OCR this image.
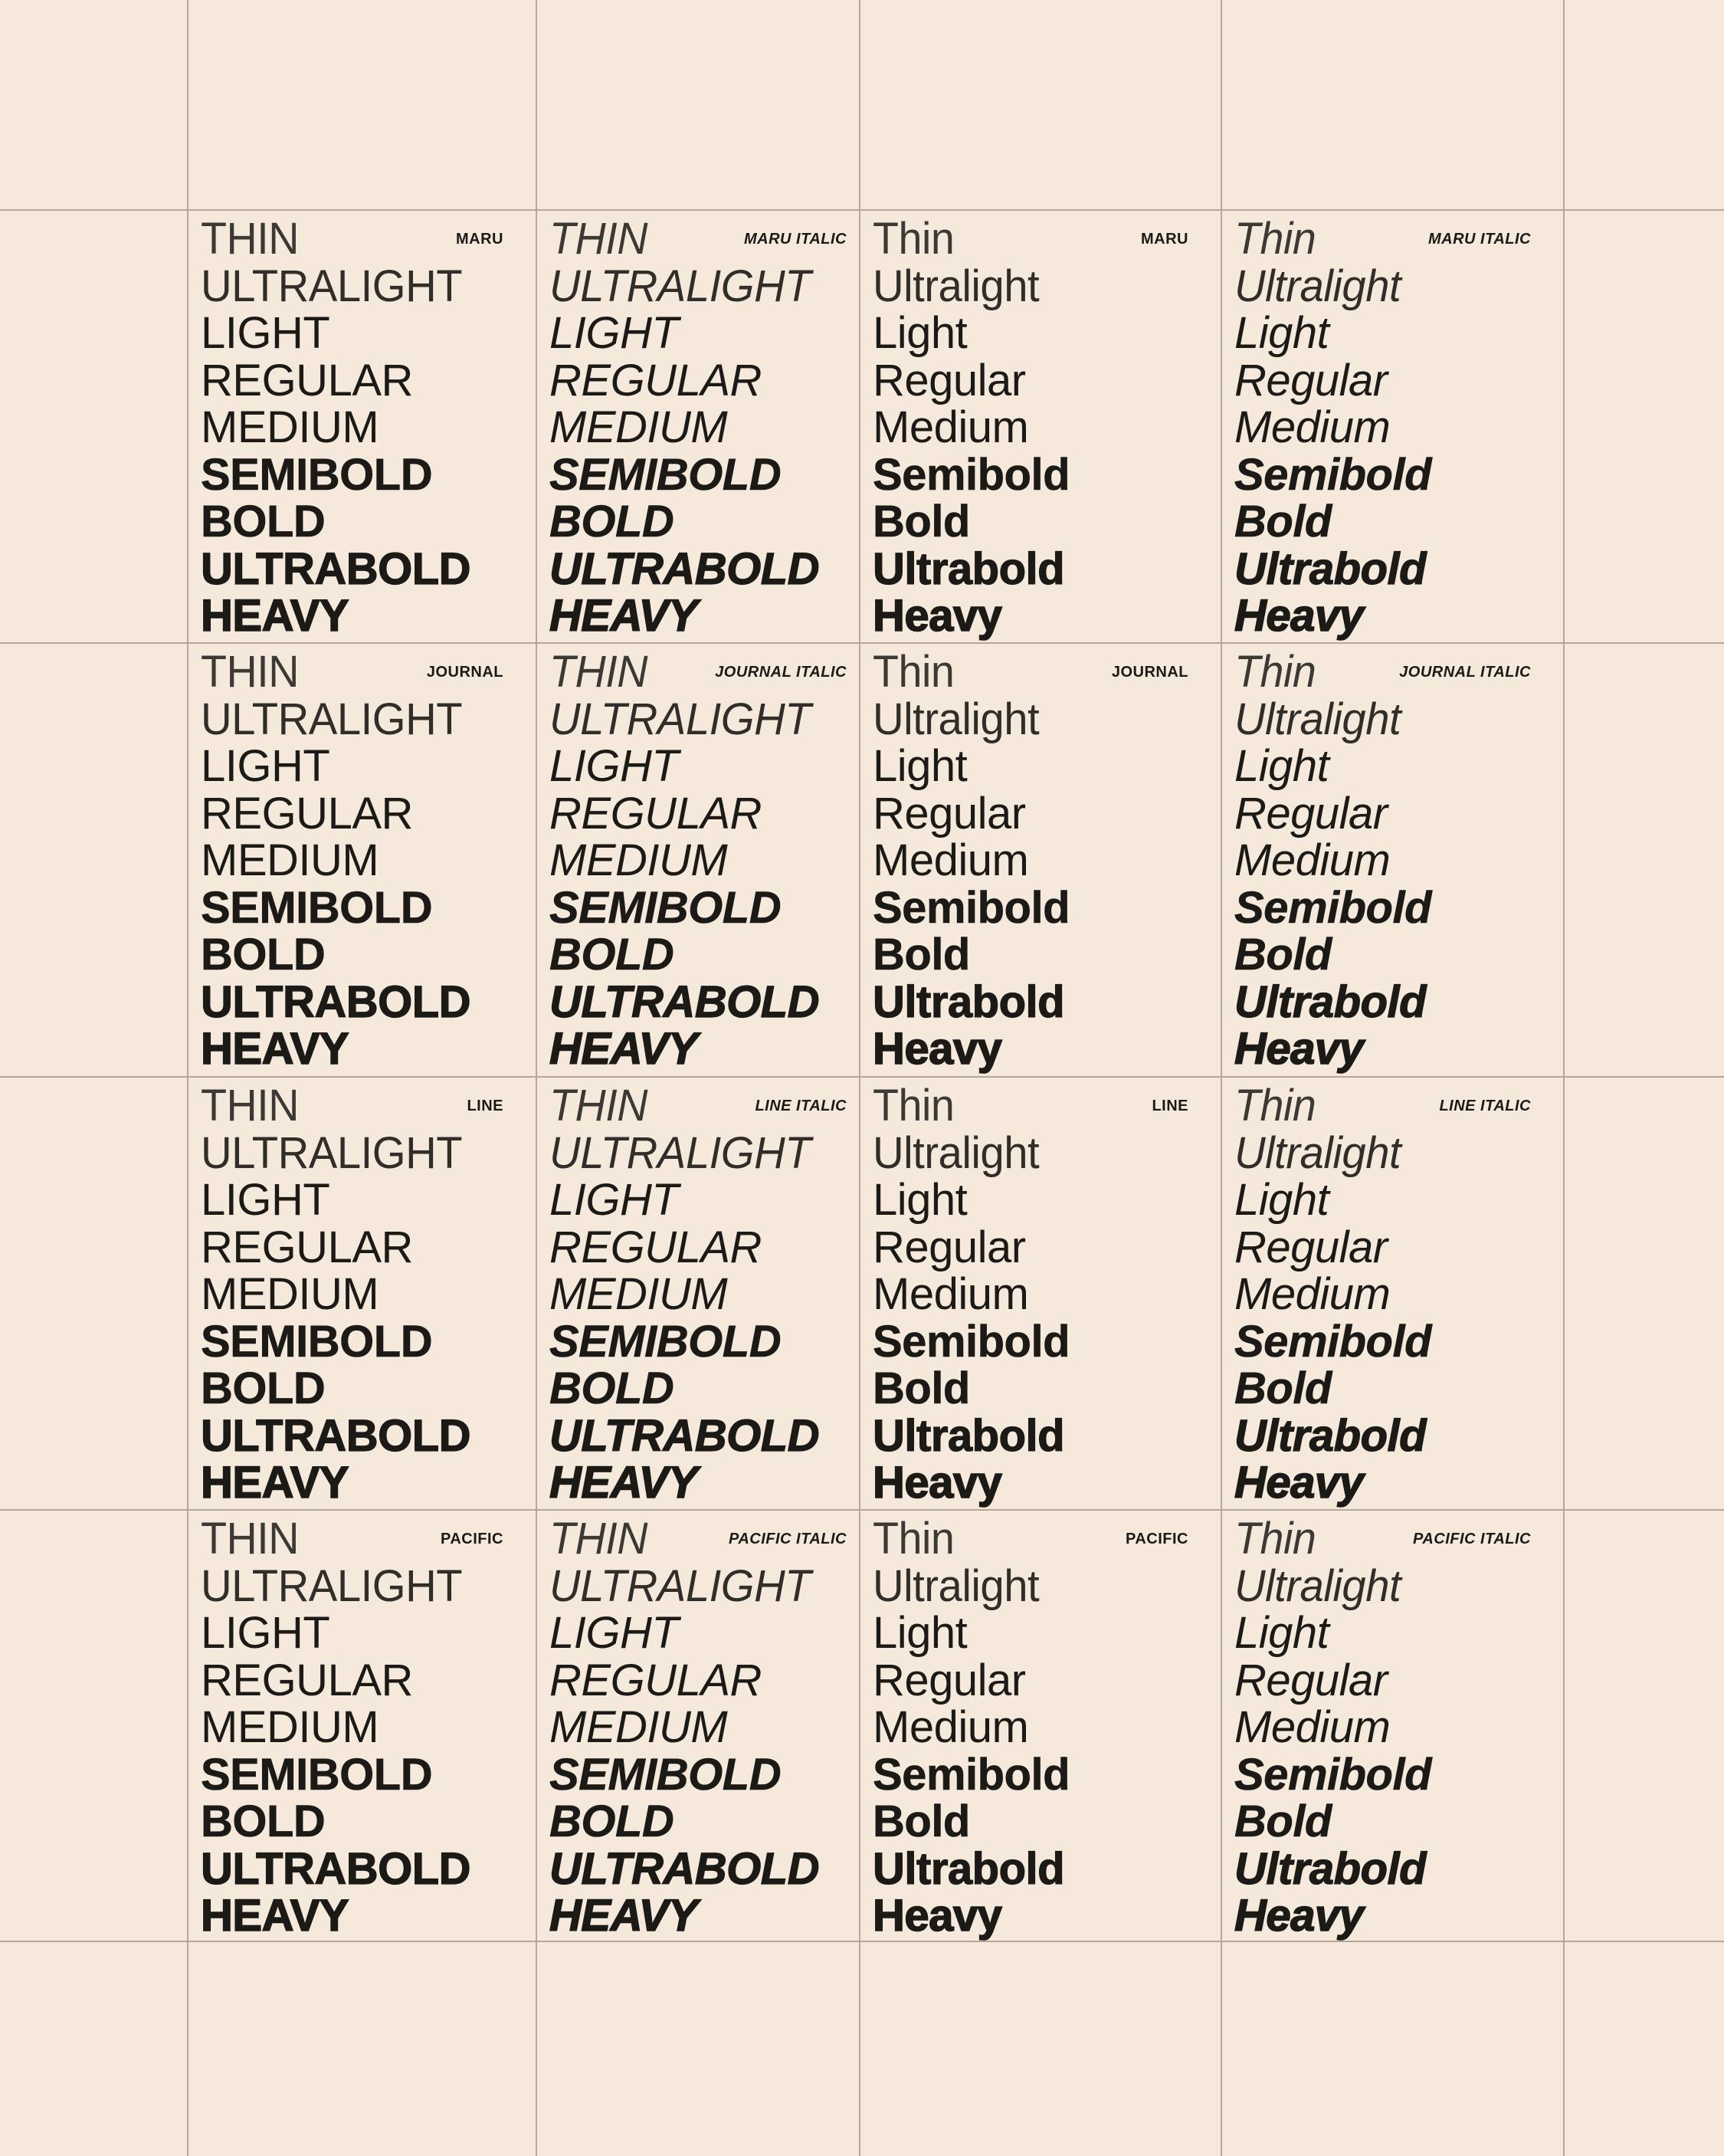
MARU
THIN
ULTRALIGHT
LIGHT
REGULAR
MEDIUM
SEMIBOLD
BOLD
ULTRABOLD
HEAVY
MARU ITALIC
THIN
ULTRALIGHT
LIGHT
REGULAR
MEDIUM
SEMIBOLD
BOLD
ULTRABOLD
HEAVY
MARU
Thin
Ultralight
Light
Regular
Medium
Semibold
Bold
Ultrabold
Heavy
MARU ITALIC
Thin
Ultralight
Light
Regular
Medium
Semibold
Bold
Ultrabold
Heavy
JOURNAL
THIN
ULTRALIGHT
LIGHT
REGULAR
MEDIUM
SEMIBOLD
BOLD
ULTRABOLD
HEAVY
JOURNAL ITALIC
THIN
ULTRALIGHT
LIGHT
REGULAR
MEDIUM
SEMIBOLD
BOLD
ULTRABOLD
HEAVY
JOURNAL
Thin
Ultralight
Light
Regular
Medium
Semibold
Bold
Ultrabold
Heavy
JOURNAL ITALIC
Thin
Ultralight
Light
Regular
Medium
Semibold
Bold
Ultrabold
Heavy
LINE
THIN
ULTRALIGHT
LIGHT
REGULAR
MEDIUM
SEMIBOLD
BOLD
ULTRABOLD
HEAVY
LINE ITALIC
THIN
ULTRALIGHT
LIGHT
REGULAR
MEDIUM
SEMIBOLD
BOLD
ULTRABOLD
HEAVY
LINE
Thin
Ultralight
Light
Regular
Medium
Semibold
Bold
Ultrabold
Heavy
LINE ITALIC
Thin
Ultralight
Light
Regular
Medium
Semibold
Bold
Ultrabold
Heavy
PACIFIC
THIN
ULTRALIGHT
LIGHT
REGULAR
MEDIUM
SEMIBOLD
BOLD
ULTRABOLD
HEAVY
PACIFIC ITALIC
THIN
ULTRALIGHT
LIGHT
REGULAR
MEDIUM
SEMIBOLD
BOLD
ULTRABOLD
HEAVY
PACIFIC
Thin
Ultralight
Light
Regular
Medium
Semibold
Bold
Ultrabold
Heavy
PACIFIC ITALIC
Thin
Ultralight
Light
Regular
Medium
Semibold
Bold
Ultrabold
Heavy
